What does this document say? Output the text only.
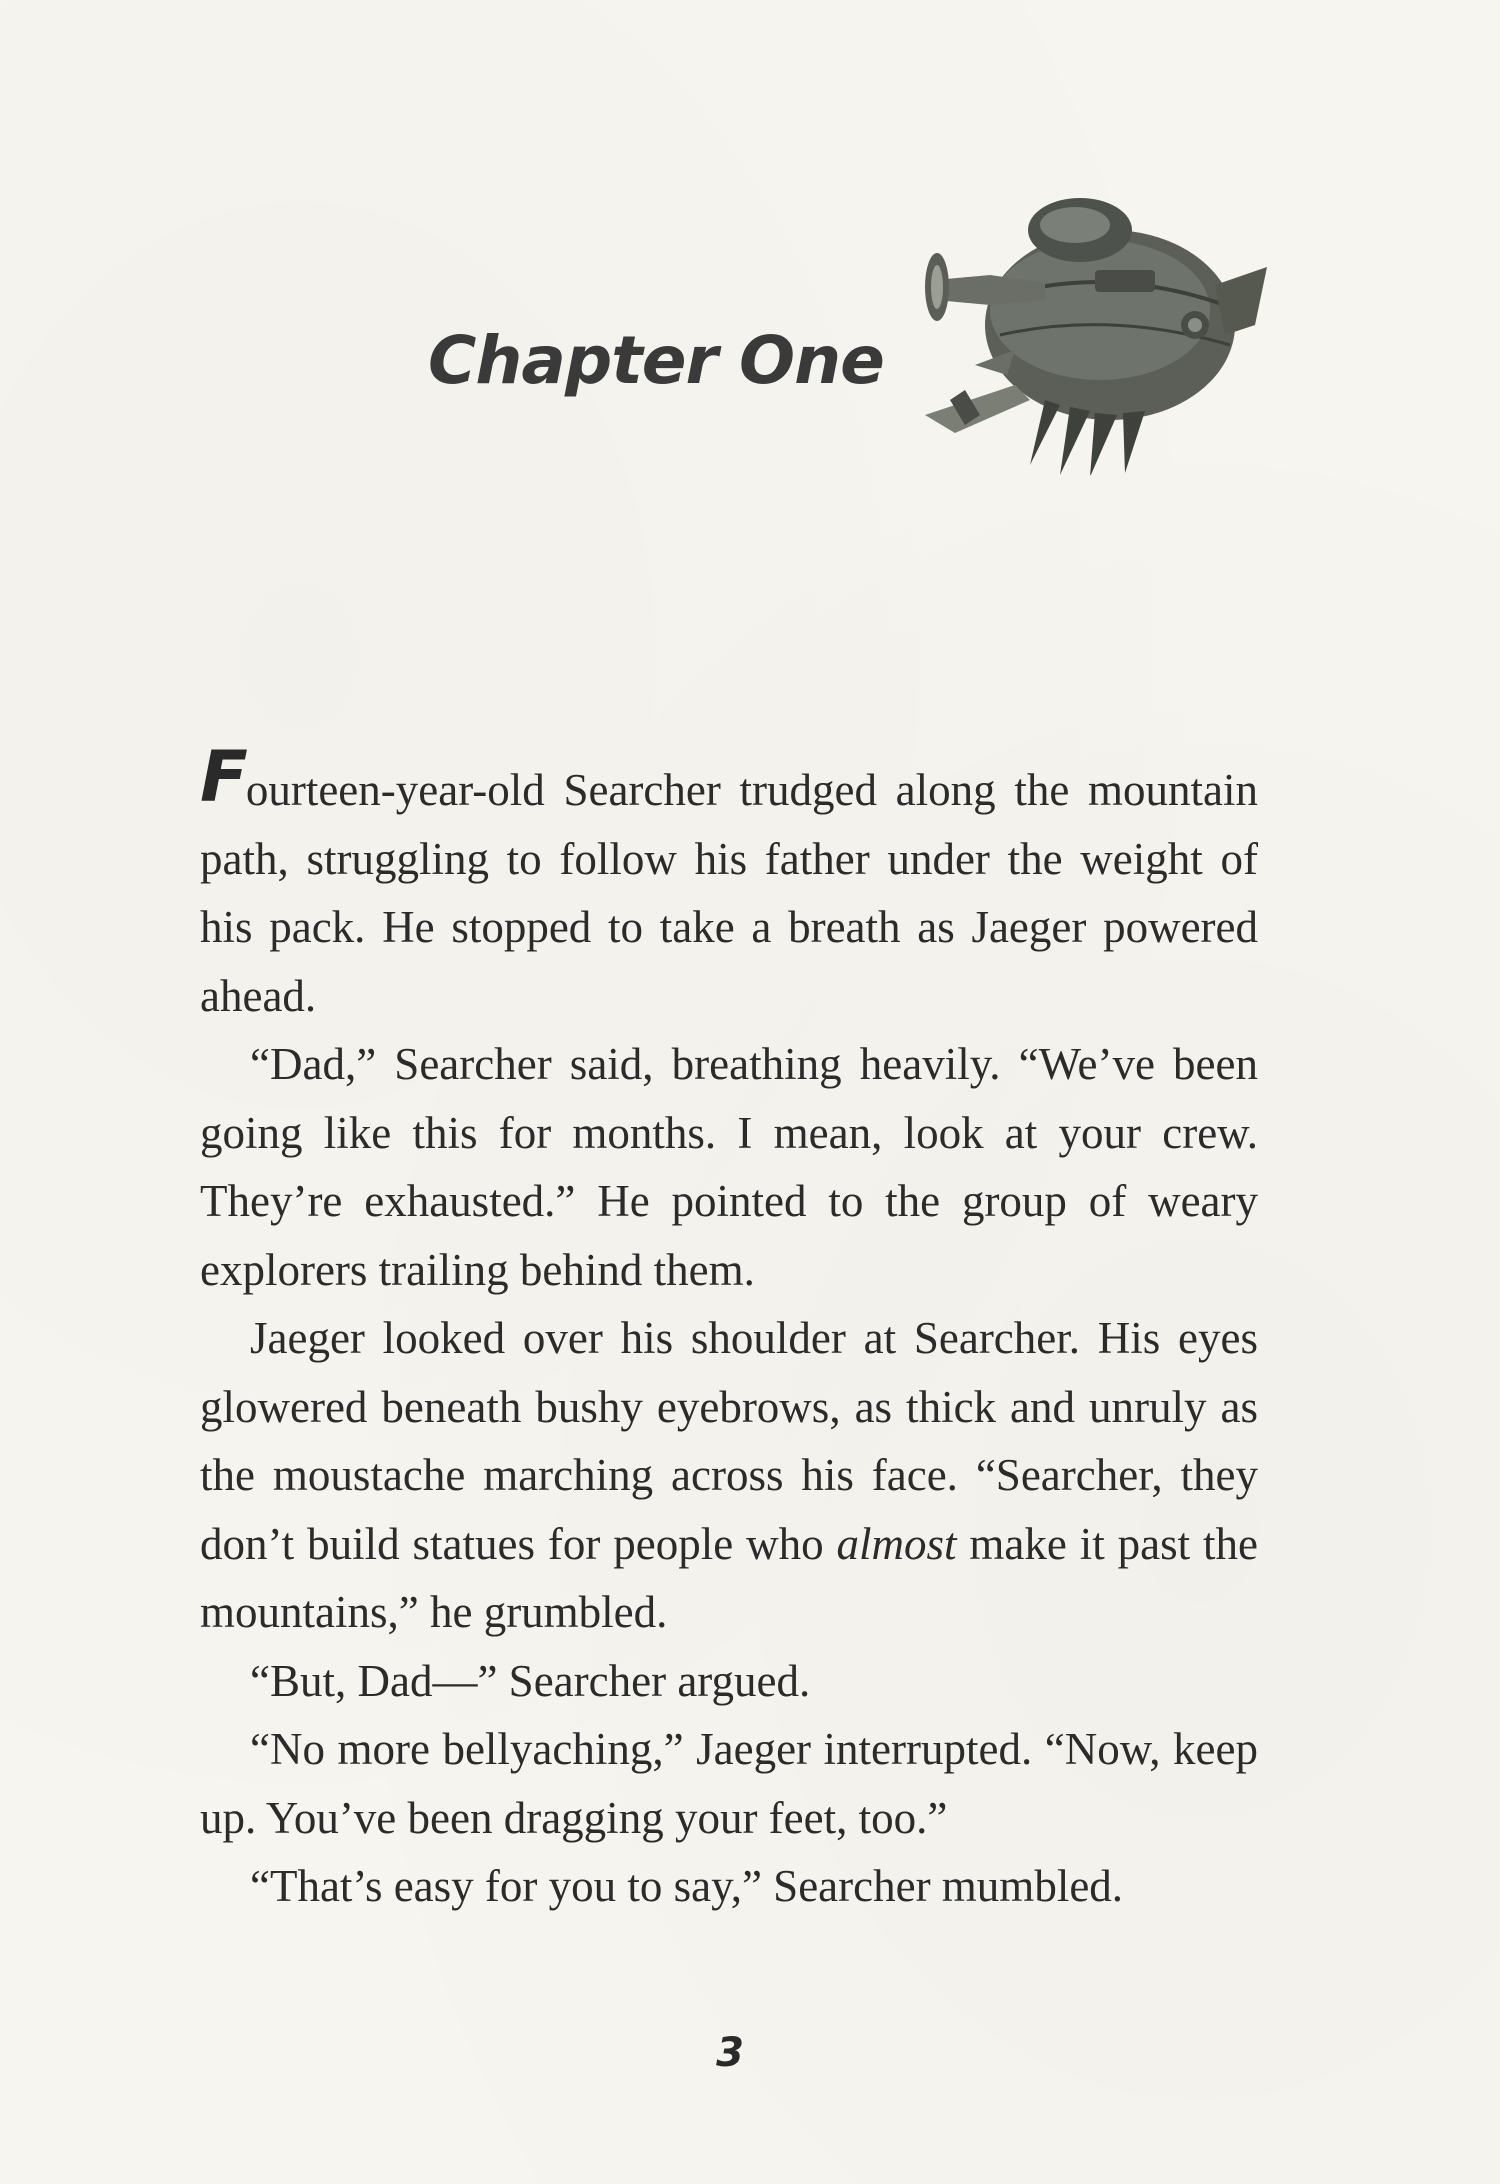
Chapter One

Fourteen-year-old Searcher trudged along the mountain path, struggling to follow his father under the weight of his pack. He stopped to take a breath as Jaeger powered ahead.

“Dad,” Searcher said, breathing heavily. “We’ve been going like this for months. I mean, look at your crew. They’re exhausted.” He pointed to the group of weary explorers trailing behind them.

Jaeger looked over his shoulder at Searcher. His eyes glowered beneath bushy eyebrows, as thick and unruly as the moustache marching across his face. “Searcher, they don’t build statues for people who almost make it past the mountains,” he grumbled.

“But, Dad—” Searcher argued.

“No more bellyaching,” Jaeger interrupted. “Now, keep up. You’ve been dragging your feet, too.”

“That’s easy for you to say,” Searcher mumbled.

3
